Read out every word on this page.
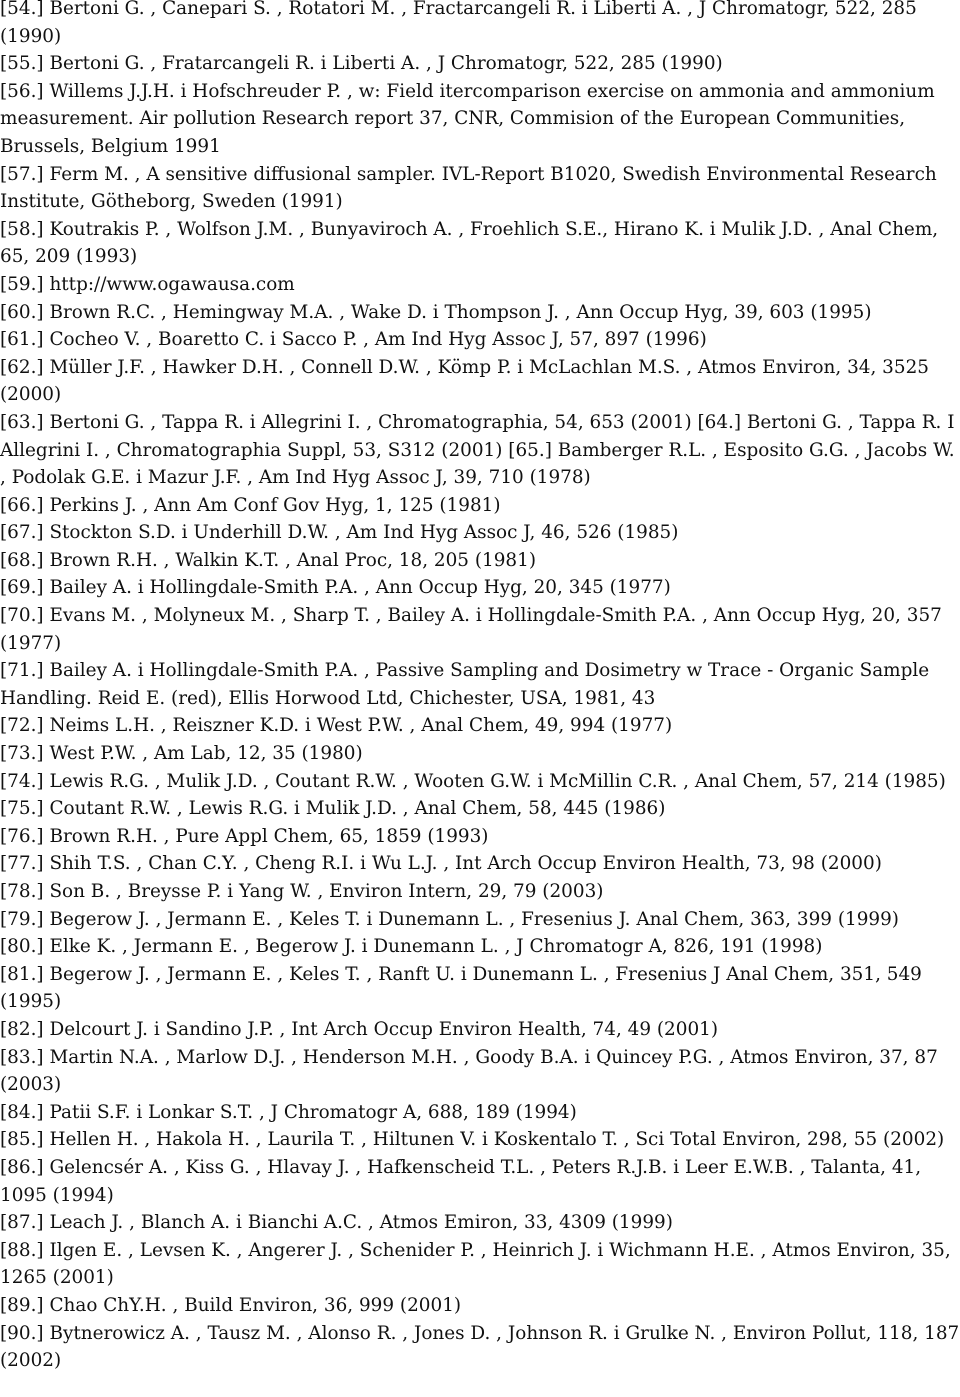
[54.] Bertoni G. , Canepari S. , Rotatori M. , Fractarcangeli R. i Liberti A. , J Chromatogr, 522, 285 (1990)

[55.] Bertoni G. , Fratarcangeli R. i Liberti A. , J Chromatogr, 522, 285 (1990)

[56.] Willems J.J.H. i Hofschreuder P. , w: Field itercomparison exercise on ammonia and ammonium measurement. Air pollution Research report 37, CNR, Commision of the European Communities, Brussels, Belgium 1991

[57.] Ferm M. , A sensitive diffusional sampler. IVL-Report B1020, Swedish Environmental Research Institute, Götheborg, Sweden (1991)

[58.] Koutrakis P. , Wolfson J.M. , Bunyaviroch A. , Froehlich S.E., Hirano K. i Mulik J.D. , Anal Chem, 65, 209 (1993)

[59.] http://www.ogawausa.com

[60.] Brown R.C. , Hemingway M.A. , Wake D. i Thompson J. , Ann Occup Hyg, 39, 603 (1995)

[61.] Cocheo V. , Boaretto C. i Sacco P. , Am Ind Hyg Assoc J, 57, 897 (1996)

[62.] Müller J.F. , Hawker D.H. , Connell D.W. , Kömp P. i McLachlan M.S. , Atmos Environ, 34, 3525 (2000)

[63.] Bertoni G. , Tappa R. i Allegrini I. , Chromatographia, 54, 653 (2001) [64.] Bertoni G. , Tappa R. I Allegrini I. , Chromatographia Suppl, 53, S312 (2001) [65.] Bamberger R.L. , Esposito G.G. , Jacobs W. , Podolak G.E. i Mazur J.F. , Am Ind Hyg Assoc J, 39, 710 (1978)

[66.] Perkins J. , Ann Am Conf Gov Hyg, 1, 125 (1981)

[67.] Stockton S.D. i Underhill D.W. , Am Ind Hyg Assoc J, 46, 526 (1985)

[68.] Brown R.H. , Walkin K.T. , Anal Proc, 18, 205 (1981)

[69.] Bailey A. i Hollingdale-Smith P.A. , Ann Occup Hyg, 20, 345 (1977)

[70.] Evans M. , Molyneux M. , Sharp T. , Bailey A. i Hollingdale-Smith P.A. , Ann Occup Hyg, 20, 357 (1977)

[71.] Bailey A. i Hollingdale-Smith P.A. , Passive Sampling and Dosimetry w Trace - Organic Sample Handling. Reid E. (red), Ellis Horwood Ltd, Chichester, USA, 1981, 43

[72.] Neims L.H. , Reiszner K.D. i West P.W. , Anal Chem, 49, 994 (1977)

[73.] West P.W. , Am Lab, 12, 35 (1980)

[74.] Lewis R.G. , Mulik J.D. , Coutant R.W. , Wooten G.W. i McMillin C.R. , Anal Chem, 57, 214 (1985)

[75.] Coutant R.W. , Lewis R.G. i Mulik J.D. , Anal Chem, 58, 445 (1986)

[76.] Brown R.H. , Pure Appl Chem, 65, 1859 (1993)

[77.] Shih T.S. , Chan C.Y. , Cheng R.I. i Wu L.J. , Int Arch Occup Environ Health, 73, 98 (2000)

[78.] Son B. , Breysse P. i Yang W. , Environ Intern, 29, 79 (2003)

[79.] Begerow J. , Jermann E. , Keles T. i Dunemann L. , Fresenius J. Anal Chem, 363, 399 (1999)

[80.] Elke K. , Jermann E. , Begerow J. i Dunemann L. , J Chromatogr A, 826, 191 (1998)

[81.] Begerow J. , Jermann E. , Keles T. , Ranft U. i Dunemann L. , Fresenius J Anal Chem, 351, 549 (1995)

[82.] Delcourt J. i Sandino J.P. , Int Arch Occup Environ Health, 74, 49 (2001)

[83.] Martin N.A. , Marlow D.J. , Henderson M.H. , Goody B.A. i Quincey P.G. , Atmos Environ, 37, 87 (2003)

[84.] Patii S.F. i Lonkar S.T. , J Chromatogr A, 688, 189 (1994)

[85.] Hellen H. , Hakola H. , Laurila T. , Hiltunen V. i Koskentalo T. , Sci Total Environ, 298, 55 (2002)

[86.] Gelencsér A. , Kiss G. , Hlavay J. , Hafkenscheid T.L. , Peters R.J.B. i Leer E.W.B. , Talanta, 41, 1095 (1994)

[87.] Leach J. , Blanch A. i Bianchi A.C. , Atmos Emiron, 33, 4309 (1999)

[88.] Ilgen E. , Levsen K. , Angerer J. , Schenider P. , Heinrich J. i Wichmann H.E. , Atmos Environ, 35, 1265 (2001)

[89.] Chao ChY.H. , Build Environ, 36, 999 (2001)

[90.] Bytnerowicz A. , Tausz M. , Alonso R. , Jones D. , Johnson R. i Grulke N. , Environ Pollut, 118, 187 (2002)
